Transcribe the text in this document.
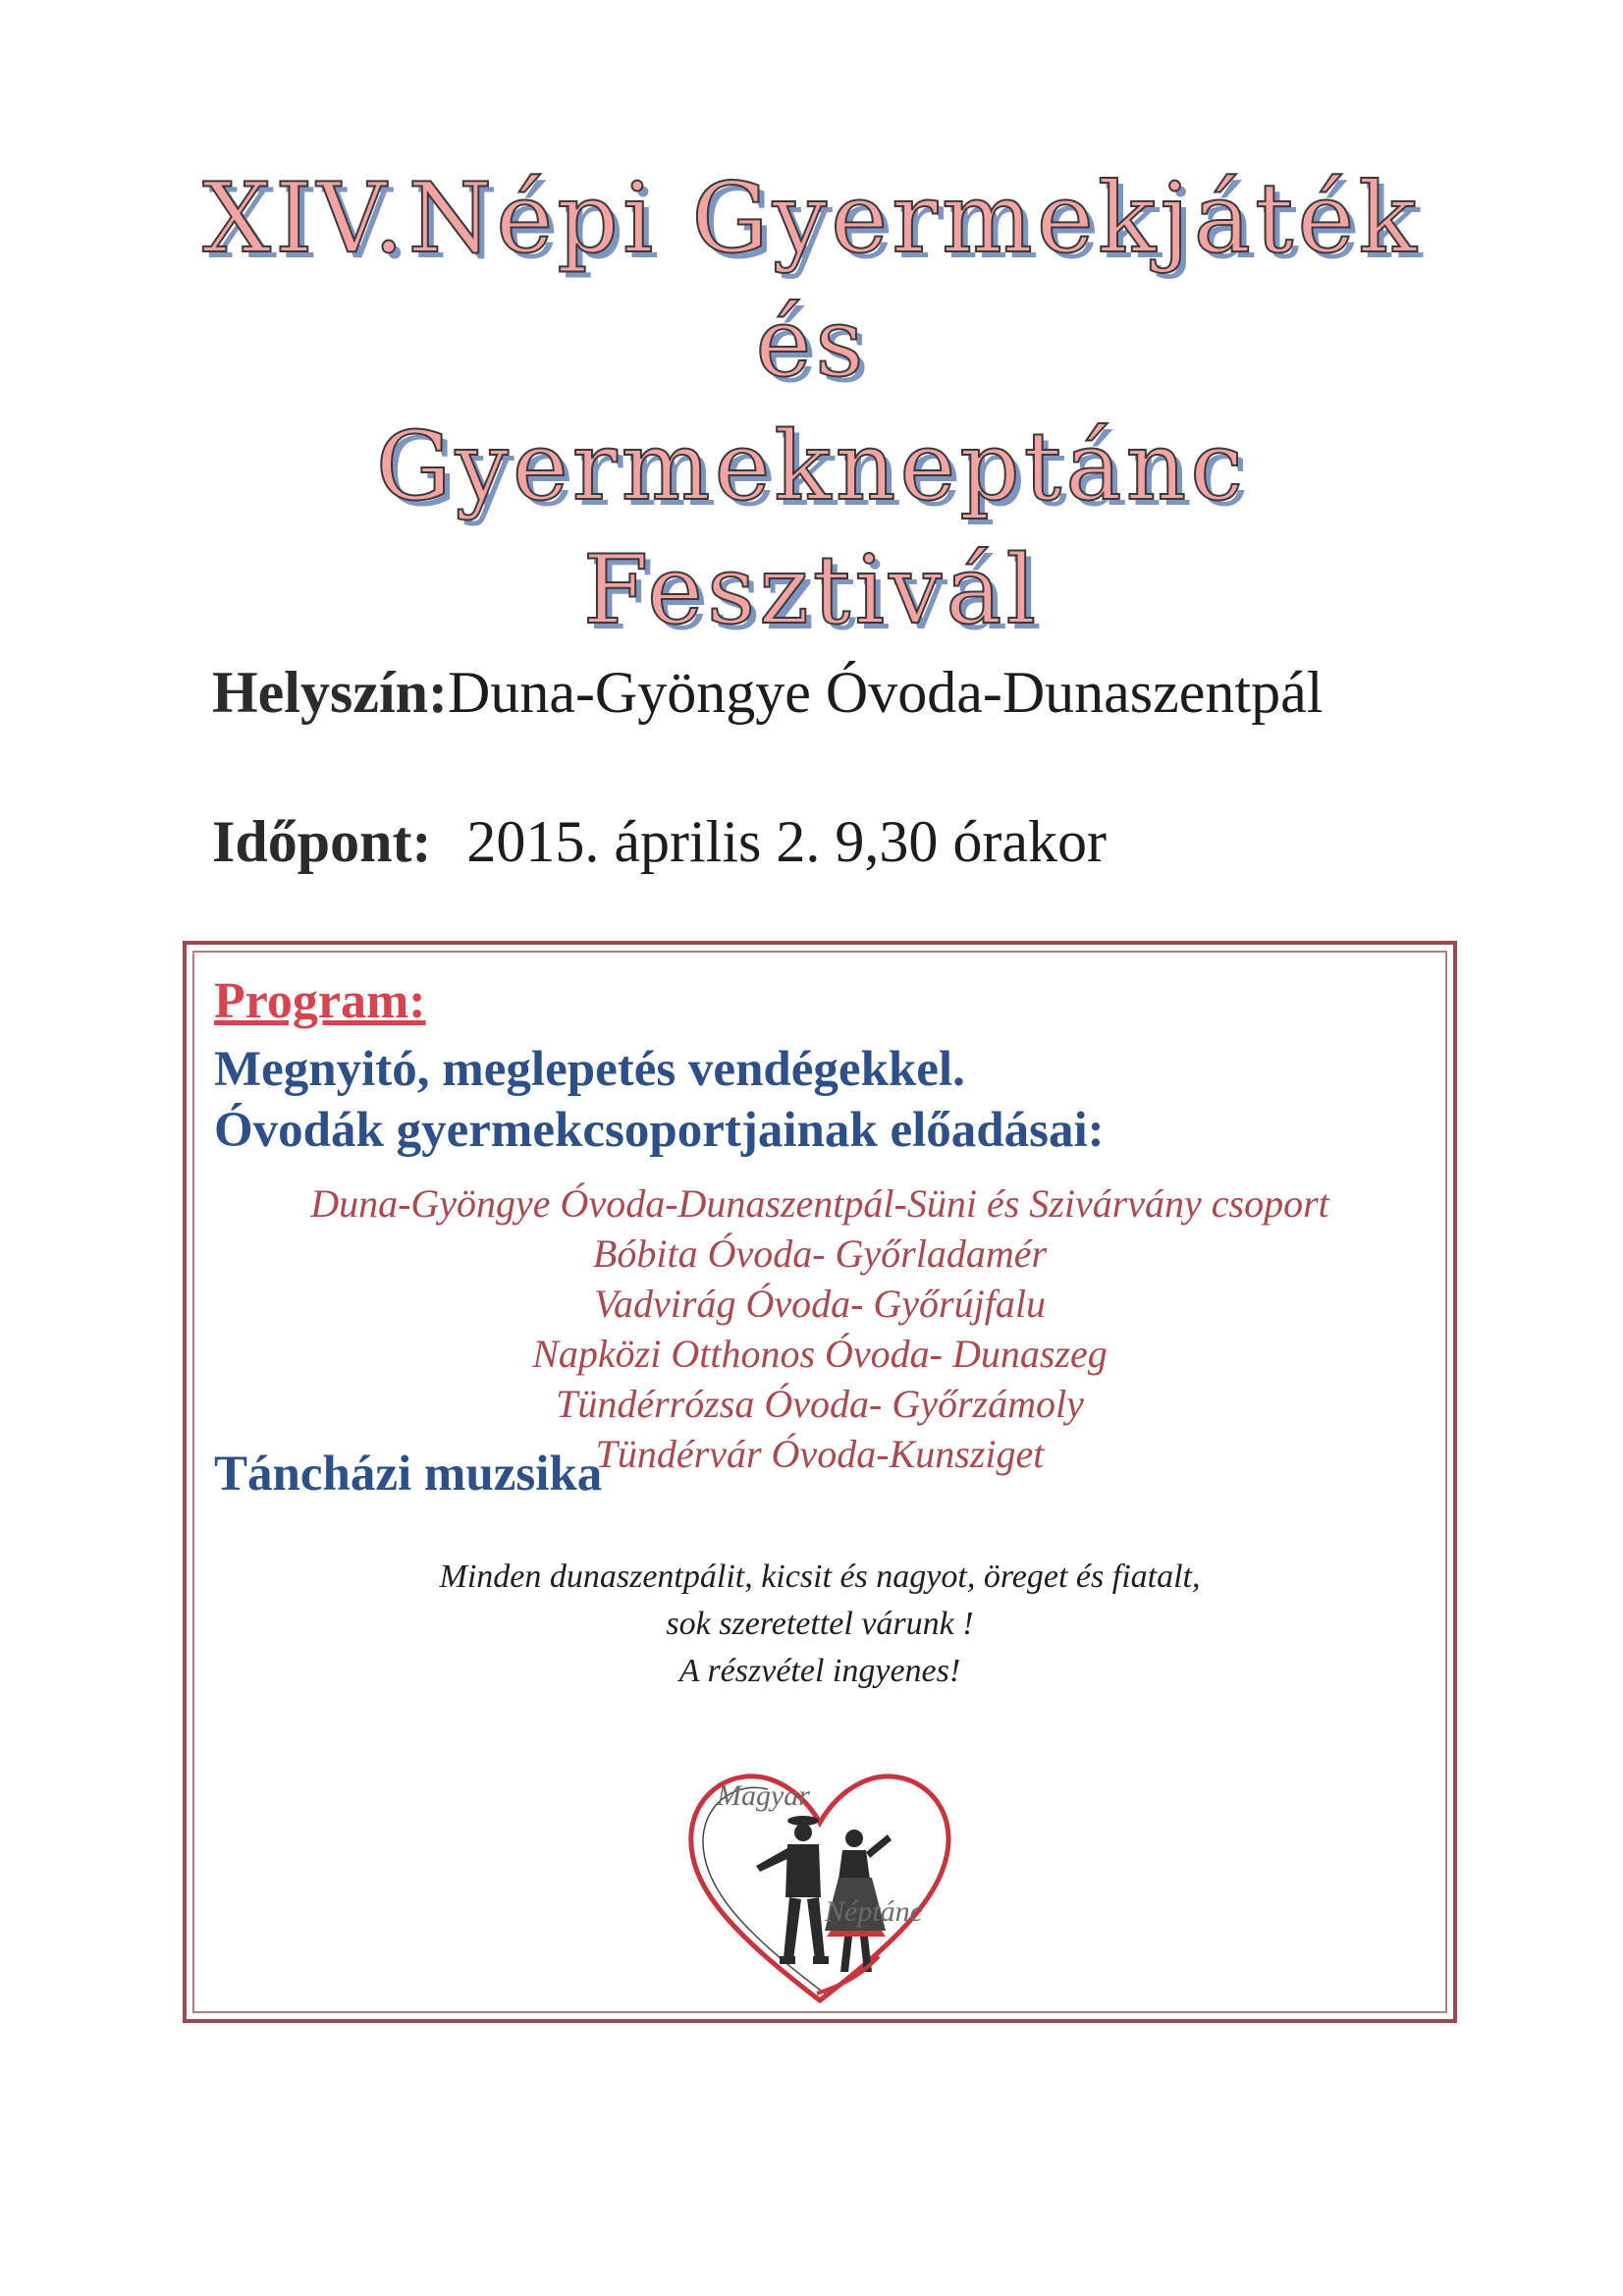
XIV.Népi Gyermekjáték
és
Gyermekneptánc
Fesztivál
Helyszín:Duna-Gyöngye Óvoda-Dunaszentpál
Időpont: 2015. április 2. 9,30 órakor
Program:
Megnyitó, meglepetés vendégekkel.
Óvodák gyermekcsoportjainak előadásai:
Duna-Gyöngye Óvoda-Dunaszentpál-Süni és Szivárvány csoport
Bóbita Óvoda- Győrladamér
Vadvirág Óvoda- Győrújfalu
Napközi Otthonos Óvoda- Dunaszeg
Tündérrózsa Óvoda- Győrzámoly
Tündérvár Óvoda-Kunsziget
Táncházi muzsika
Minden dunaszentpálit, kicsit és nagyot, öreget és fiatalt,
sok szeretettel várunk !
A részvétel ingyenes!
Magyar
Néptánc
